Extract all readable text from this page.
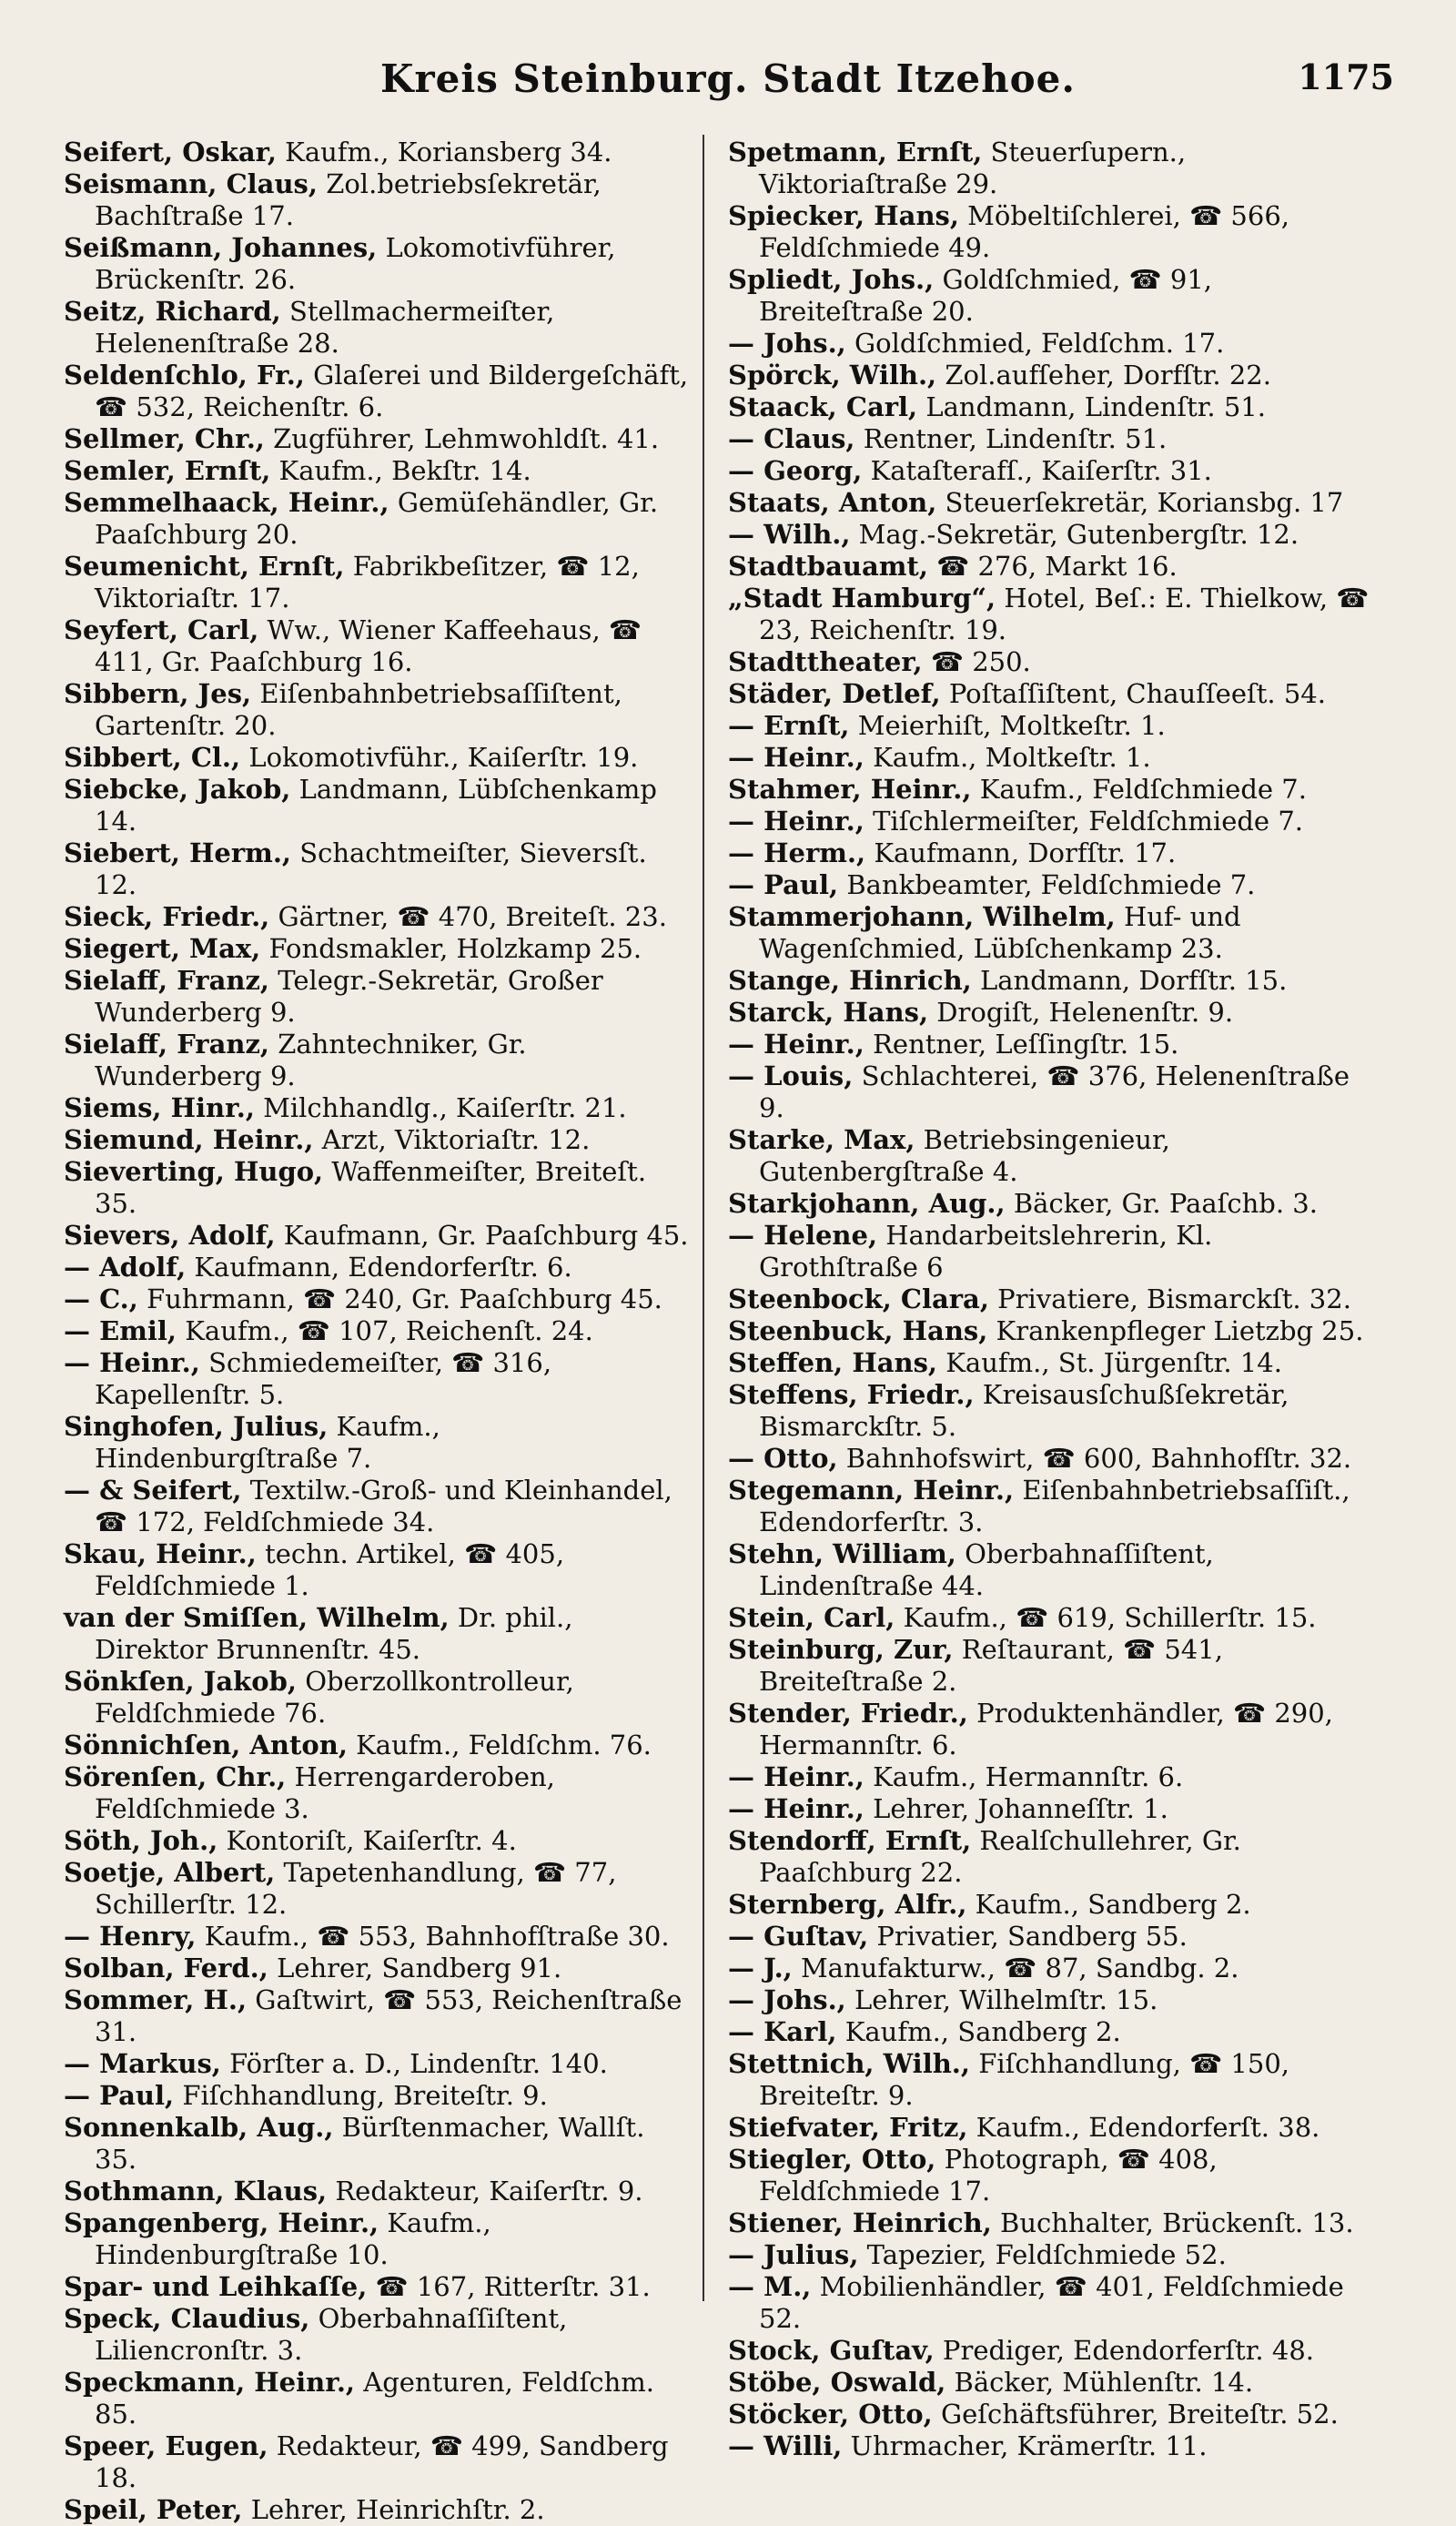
Kreis Steinburg. Stadt Itzehoe.	1175

Seifert, Oskar, Kaufm., Koriansberg 34.

Seismann, Claus, Zol.betriebsſekretär, Bachſtraße 17.

Seißmann, Johannes, Lokomotivführer, Brückenſtr. 26.

Seitz, Richard, Stellmachermeiſter, Helenenſtraße 28.

Seldenſchlo, Fr., Glaſerei und Bildergeſchäft, ☎ 532, Reichenſtr. 6.

Sellmer, Chr., Zugführer, Lehmwohldſt. 41.

Semler, Ernſt, Kaufm., Bekſtr. 14.

Semmelhaack, Heinr., Gemüſehändler, Gr. Paaſchburg 20.

Seumenicht, Ernſt, Fabrikbeſitzer, ☎ 12, Viktoriaſtr. 17.

Seyfert, Carl, Ww., Wiener Kaffeehaus, ☎ 411, Gr. Paaſchburg 16.

Sibbern, Jes, Eiſenbahnbetriebsaſſiſtent, Gartenſtr. 20.

Sibbert, Cl., Lokomotivführ., Kaiſerſtr. 19.

Siebcke, Jakob, Landmann, Lübſchenkamp 14.

Siebert, Herm., Schachtmeiſter, Sieversſt. 12.

Sieck, Friedr., Gärtner, ☎ 470, Breiteſt. 23.

Siegert, Max, Fondsmakler, Holzkamp 25.

Sielaff, Franz, Telegr.-Sekretär, Großer Wunderberg 9.

Sielaff, Franz, Zahntechniker, Gr. Wunderberg 9.

Siems, Hinr., Milchhandlg., Kaiſerſtr. 21.

Siemund, Heinr., Arzt, Viktoriaſtr. 12.

Sieverting, Hugo, Waffenmeiſter, Breiteſt. 35.

Sievers, Adolf, Kaufmann, Gr. Paaſchburg 45.

— Adolf, Kaufmann, Edendorferſtr. 6.

— C., Fuhrmann, ☎ 240, Gr. Paaſchburg 45.

— Emil, Kaufm., ☎ 107, Reichenſt. 24.

— Heinr., Schmiedemeiſter, ☎ 316, Kapellenſtr. 5.

Singhofen, Julius, Kaufm., Hindenburgſtraße 7.

— & Seifert, Textilw.-Groß- und Kleinhandel, ☎ 172, Feldſchmiede 34.

Skau, Heinr., techn. Artikel, ☎ 405, Feldſchmiede 1.

van der Smiſſen, Wilhelm, Dr. phil., Direktor Brunnenſtr. 45.

Sönkſen, Jakob, Oberzollkontrolleur, Feldſchmiede 76.

Sönnichſen, Anton, Kaufm., Feldſchm. 76.

Sörenſen, Chr., Herrengarderoben, Feldſchmiede 3.

Söth, Joh., Kontoriſt, Kaiſerſtr. 4.

Soetje, Albert, Tapetenhandlung, ☎ 77, Schillerſtr. 12.

— Henry, Kaufm., ☎ 553, Bahnhofſtraße 30.

Solban, Ferd., Lehrer, Sandberg 91.

Sommer, H., Gaſtwirt, ☎ 553, Reichenſtraße 31.

— Markus, Förſter a. D., Lindenſtr. 140.

— Paul, Fiſchhandlung, Breiteſtr. 9.

Sonnenkalb, Aug., Bürſtenmacher, Wallſt. 35.

Sothmann, Klaus, Redakteur, Kaiſerſtr. 9.

Spangenberg, Heinr., Kaufm., Hindenburgſtraße 10.

Spar- und Leihkaſſe, ☎ 167, Ritterſtr. 31.

Speck, Claudius, Oberbahnaſſiſtent, Liliencronſtr. 3.

Speckmann, Heinr., Agenturen, Feldſchm. 85.

Speer, Eugen, Redakteur, ☎ 499, Sandberg 18.

Speil, Peter, Lehrer, Heinrichſtr. 2.

Spetmann, Ernſt, Steuerſupern., Viktoriaſtraße 29.

Spiecker, Hans, Möbeltiſchlerei, ☎ 566, Feldſchmiede 49.

Spliedt, Johs., Goldſchmied, ☎ 91, Breiteſtraße 20.

— Johs., Goldſchmied, Feldſchm. 17.

Spörck, Wilh., Zol.aufſeher, Dorfſtr. 22.

Staack, Carl, Landmann, Lindenſtr. 51.

— Claus, Rentner, Lindenſtr. 51.

— Georg, Kataſterafſ., Kaiſerſtr. 31.

Staats, Anton, Steuerſekretär, Koriansbg. 17

— Wilh., Mag.-Sekretär, Gutenbergſtr. 12.

Stadtbauamt, ☎ 276, Markt 16.

„Stadt Hamburg“, Hotel, Beſ.: E. Thielkow, ☎ 23, Reichenſtr. 19.

Stadttheater, ☎ 250.

Städer, Detlef, Poſtaſſiſtent, Chauſſeeſt. 54.

— Ernſt, Meierhiſt, Moltkeſtr. 1.

— Heinr., Kaufm., Moltkeſtr. 1.

Stahmer, Heinr., Kaufm., Feldſchmiede 7.

— Heinr., Tiſchlermeiſter, Feldſchmiede 7.

— Herm., Kaufmann, Dorfſtr. 17.

— Paul, Bankbeamter, Feldſchmiede 7.

Stammerjohann, Wilhelm, Huf- und Wagenſchmied, Lübſchenkamp 23.

Stange, Hinrich, Landmann, Dorfſtr. 15.

Starck, Hans, Drogiſt, Helenenſtr. 9.

— Heinr., Rentner, Leſſingſtr. 15.

— Louis, Schlachterei, ☎ 376, Helenenſtraße 9.

Starke, Max, Betriebsingenieur, Gutenbergſtraße 4.

Starkjohann, Aug., Bäcker, Gr. Paaſchb. 3.

— Helene, Handarbeitslehrerin, Kl. Grothſtraße 6

Steenbock, Clara, Privatiere, Bismarckſt. 32.

Steenbuck, Hans, Krankenpfleger Lietzbg 25.

Steffen, Hans, Kaufm., St. Jürgenſtr. 14.

Steffens, Friedr., Kreisausſchußſekretär, Bismarckſtr. 5.

— Otto, Bahnhofswirt, ☎ 600, Bahnhofſtr. 32.

Stegemann, Heinr., Eiſenbahnbetriebsaſſiſt., Edendorferſtr. 3.

Stehn, William, Oberbahnaſſiſtent, Lindenſtraße 44.

Stein, Carl, Kaufm., ☎ 619, Schillerſtr. 15.

Steinburg, Zur, Reſtaurant, ☎ 541, Breiteſtraße 2.

Stender, Friedr., Produktenhändler, ☎ 290, Hermannſtr. 6.

— Heinr., Kaufm., Hermannſtr. 6.

— Heinr., Lehrer, Johanneſſtr. 1.

Stendorff, Ernſt, Realſchullehrer, Gr. Paaſchburg 22.

Sternberg, Alfr., Kaufm., Sandberg 2.

— Guſtav, Privatier, Sandberg 55.

— J., Manufakturw., ☎ 87, Sandbg. 2.

— Johs., Lehrer, Wilhelmſtr. 15.

— Karl, Kaufm., Sandberg 2.

Stettnich, Wilh., Fiſchhandlung, ☎ 150, Breiteſtr. 9.

Stiefvater, Fritz, Kaufm., Edendorferſt. 38.

Stiegler, Otto, Photograph, ☎ 408, Feldſchmiede 17.

Stiener, Heinrich, Buchhalter, Brückenſt. 13.

— Julius, Tapezier, Feldſchmiede 52.

— M., Mobilienhändler, ☎ 401, Feldſchmiede 52.

Stock, Guſtav, Prediger, Edendorferſtr. 48.

Stöbe, Oswald, Bäcker, Mühlenſtr. 14.

Stöcker, Otto, Geſchäftsführer, Breiteſtr. 52.

— Willi, Uhrmacher, Krämerſtr. 11.
